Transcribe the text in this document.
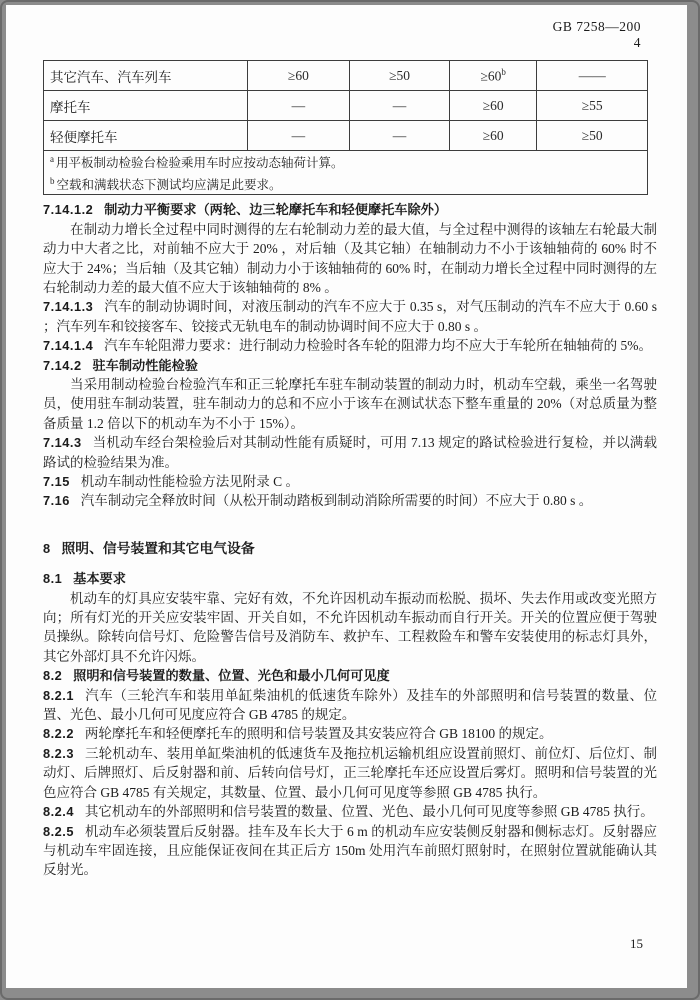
GB 7258—200
4
其它汽车、汽车列车	≥60	≥50	$\ge 60^b$	——
摩托车	—	—	≥60	≥55
轻便摩托车	—	—	≥60	≥50

$^a$ 用平板制动检验台检验乘用车时应按动态轴荷计算。
$^b$ 空载和满载状态下测试均应满足此要求。				

7.14.1.2 制动力平衡要求（两轮、边三轮摩托车和轻便摩托车除外）

在制动力增长全过程中同时测得的左右轮制动力差的最大值，与全过程中测得的该轴左右轮最大制动力中大者之比，对前轴不应大于 20% ，对后轴（及其它轴）在轴制动力不小于该轴轴荷的 60% 时不应大于 24%；当后轴（及其它轴）制动力小于该轴轴荷的 60% 时，在制动力增长全过程中同时测得的左右轮制动力差的最大值不应大于该轴轴荷的 8% 。

7.14.1.3 汽车的制动协调时间，对液压制动的汽车不应大于 0.35 s，对气压制动的汽车不应大于 0.60 s ；汽车列车和铰接客车、铰接式无轨电车的制动协调时间不应大于 0.80 s 。

7.14.1.4 汽车车轮阻滞力要求：进行制动力检验时各车轮的阻滞力均不应大于车轮所在轴轴荷的 5%。

7.14.2 驻车制动性能检验

当采用制动检验台检验汽车和正三轮摩托车驻车制动装置的制动力时，机动车空载，乘坐一名驾驶员，使用驻车制动装置，驻车制动力的总和不应小于该车在测试状态下整车重量的 20%（对总质量为整备质量 1.2 倍以下的机动车为不小于 15%）。

7.14.3 当机动车经台架检验后对其制动性能有质疑时，可用 7.13 规定的路试检验进行复检，并以满载路试的检验结果为准。

7.15 机动车制动性能检验方法见附录 C 。

7.16 汽车制动完全释放时间（从松开制动踏板到制动消除所需要的时间）不应大于 0.80 s 。

8 照明、信号装置和其它电气设备

8.1 基本要求

机动车的灯具应安装牢靠、完好有效，不允许因机动车振动而松脱、损坏、失去作用或改变光照方向；所有灯光的开关应安装牢固、开关自如，不允许因机动车振动而自行开关。开关的位置应便于驾驶员操纵。除转向信号灯、危险警告信号及消防车、救护车、工程救险车和警车安装使用的标志灯具外，其它外部灯具不允许闪烁。

8.2 照明和信号装置的数量、位置、光色和最小几何可见度

8.2.1 汽车（三轮汽车和装用单缸柴油机的低速货车除外）及挂车的外部照明和信号装置的数量、位置、光色、最小几何可见度应符合 GB 4785 的规定。

8.2.2 两轮摩托车和轻便摩托车的照明和信号装置及其安装应符合 GB 18100 的规定。

8.2.3 三轮机动车、装用单缸柴油机的低速货车及拖拉机运输机组应设置前照灯、前位灯、后位灯、制动灯、后牌照灯、后反射器和前、后转向信号灯，正三轮摩托车还应设置后雾灯。照明和信号装置的光色应符合 GB 4785 有关规定，其数量、位置、最小几何可见度等参照 GB 4785 执行。

8.2.4 其它机动车的外部照明和信号装置的数量、位置、光色、最小几何可见度等参照 GB 4785 执行。

8.2.5 机动车必须装置后反射器。挂车及车长大于 6 m 的机动车应安装侧反射器和侧标志灯。反射器应与机动车牢固连接，且应能保证夜间在其正后方 150m 处用汽车前照灯照射时，在照射位置就能确认其反射光。

15
